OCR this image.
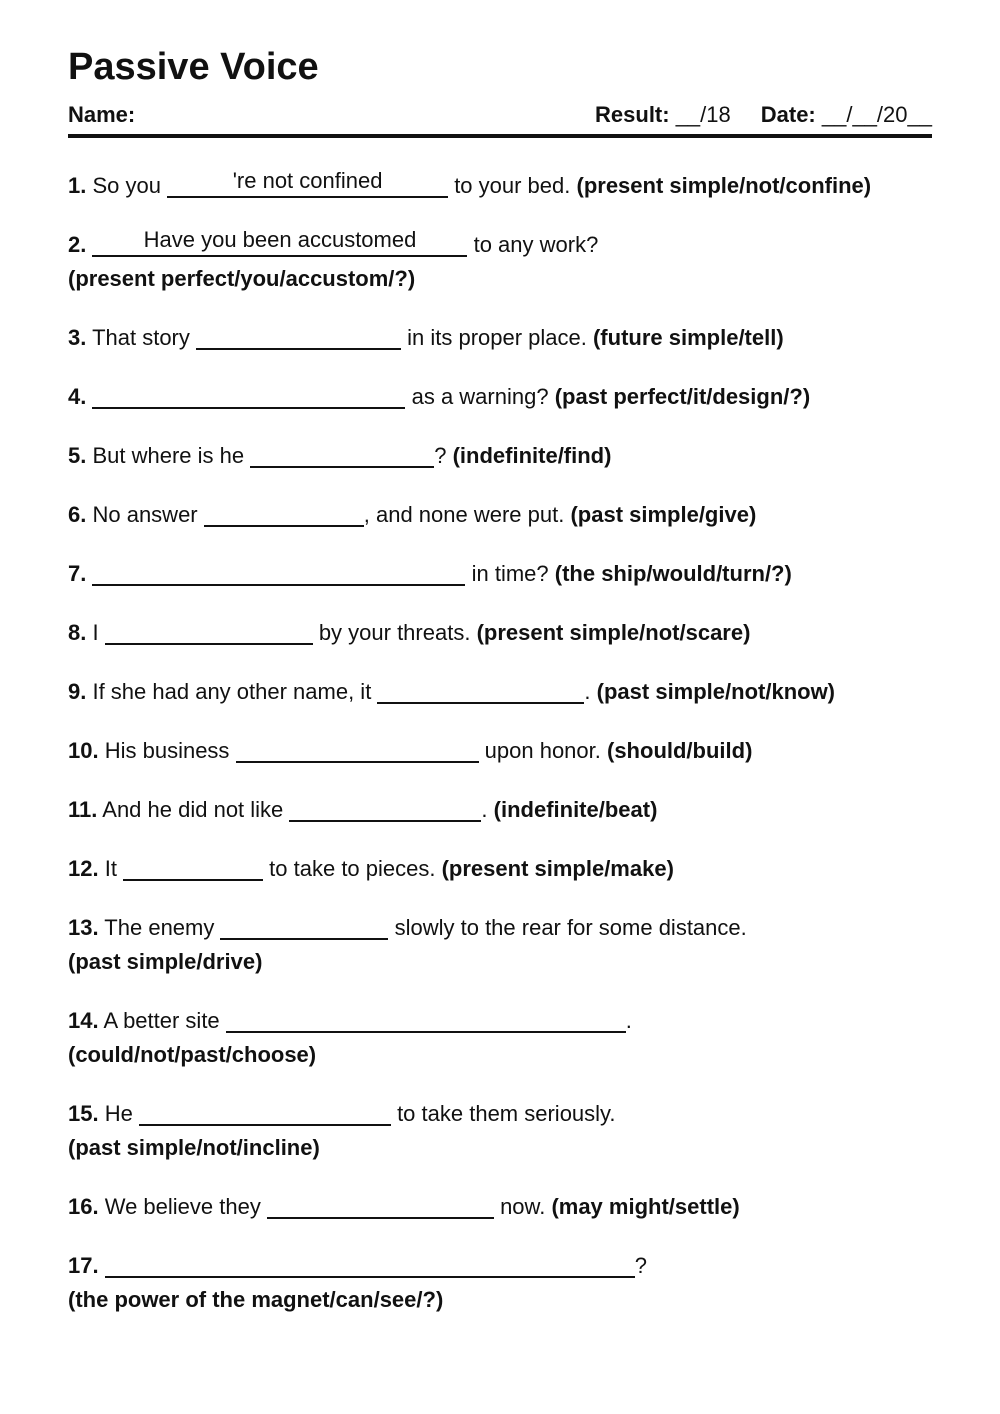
Passive Voice
Name:	Result: __/18 Date: __/__/20__
1. So you	're not confined	to your bed. (present simple/not/confine)
2.	Have you been accustomed	to any work?
(present perfect/you/accustom/?)
3. That story	in its proper place. (future simple/tell)
4.	as a warning? (past perfect/it/design/?)
5. But where is he	? (indefinite/find)
6. No answer	, and none were put. (past simple/give)
7.	in time? (the ship/would/turn/?)
8. I	by your threats. (present simple/not/scare)
9. If she had any other name, it	. (past simple/not/know)
10. His business	upon honor. (should/build)
11. And he did not like	. (indefinite/beat)
12. It	to take to pieces. (present simple/make)
13. The enemy	slowly to the rear for some distance.
(past simple/drive)
14. A better site	.
(could/not/past/choose)
15. He	to take them seriously.
(past simple/not/incline)
16. We believe they	now. (may might/settle)
17.	?
(the power of the magnet/can/see/?)
